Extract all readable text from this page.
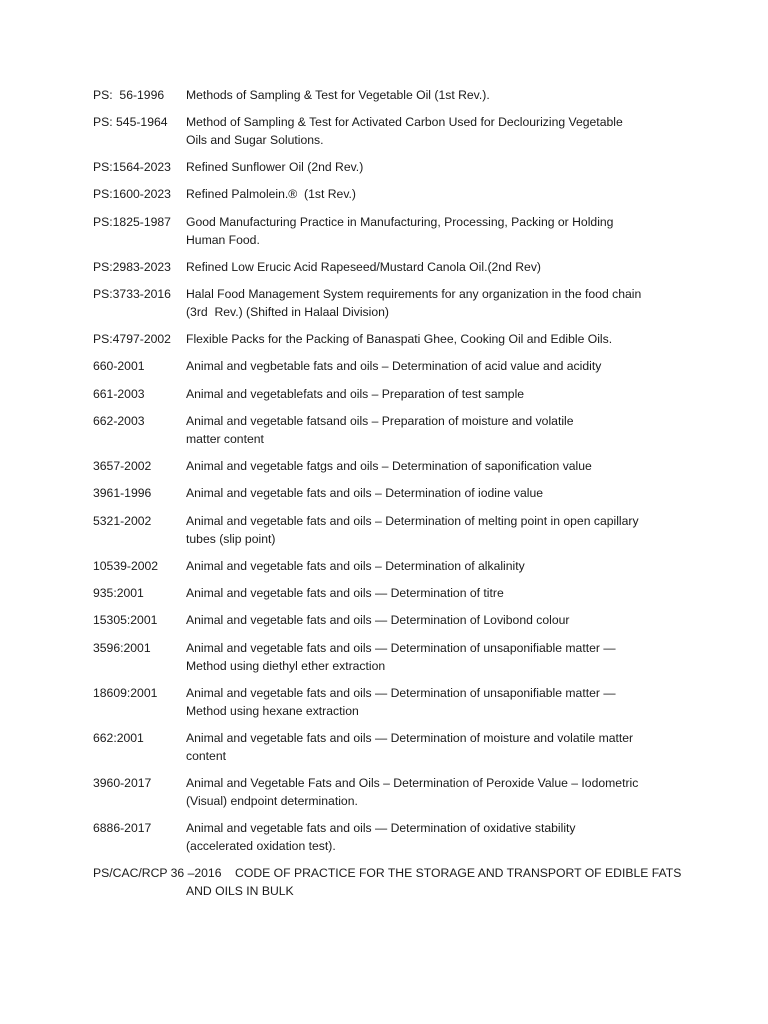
PS:  56-1996 Methods of Sampling & Test for Vegetable Oil (1st Rev.).
PS: 545-1964 Method of Sampling & Test for Activated Carbon Used for Declourizing Vegetable
Oils and Sugar Solutions.
PS:1564-2023 Refined Sunflower Oil (2nd Rev.)
PS:1600-2023 Refined Palmolein.®  (1st Rev.)
PS:1825-1987 Good Manufacturing Practice in Manufacturing, Processing, Packing or Holding
Human Food.
PS:2983-2023 Refined Low Erucic Acid Rapeseed/Mustard Canola Oil.(2nd Rev)
PS:3733-2016 Halal Food Management System requirements for any organization in the food chain
(3rd  Rev.) (Shifted in Halaal Division)
PS:4797-2002 Flexible Packs for the Packing of Banaspati Ghee, Cooking Oil and Edible Oils.
660-2001	Animal and vegbetable fats and oils – Determination of acid value and acidity
661-2003	Animal and vegetablefats and oils – Preparation of test sample
662-2003	Animal and vegetable fatsand oils – Preparation of moisture and volatile
matter content
3657-2002	Animal and vegetable fatgs and oils – Determination of saponification value
3961-1996	Animal and vegetable fats and oils – Determination of iodine value
5321-2002	Animal and vegetable fats and oils – Determination of melting point in open capillary
tubes (slip point)
10539-2002 Animal and vegetable fats and oils – Determination of alkalinity
935:2001	Animal and vegetable fats and oils — Determination of titre
15305:2001 Animal and vegetable fats and oils — Determination of Lovibond colour
3596:2001	Animal and vegetable fats and oils — Determination of unsaponifiable matter —
Method using diethyl ether extraction
18609:2001 Animal and vegetable fats and oils — Determination of unsaponifiable matter —
Method using hexane extraction
662:2001	Animal and vegetable fats and oils — Determination of moisture and volatile matter
content
3960-2017	Animal and Vegetable Fats and Oils – Determination of Peroxide Value – Iodometric
(Visual) endpoint determination.
6886-2017	Animal and vegetable fats and oils — Determination of oxidative stability
(accelerated oxidation test).
PS/CAC/RCP 36 –2016 CODE OF PRACTICE FOR THE STORAGE AND TRANSPORT OF EDIBLE FATS
AND OILS IN BULK
